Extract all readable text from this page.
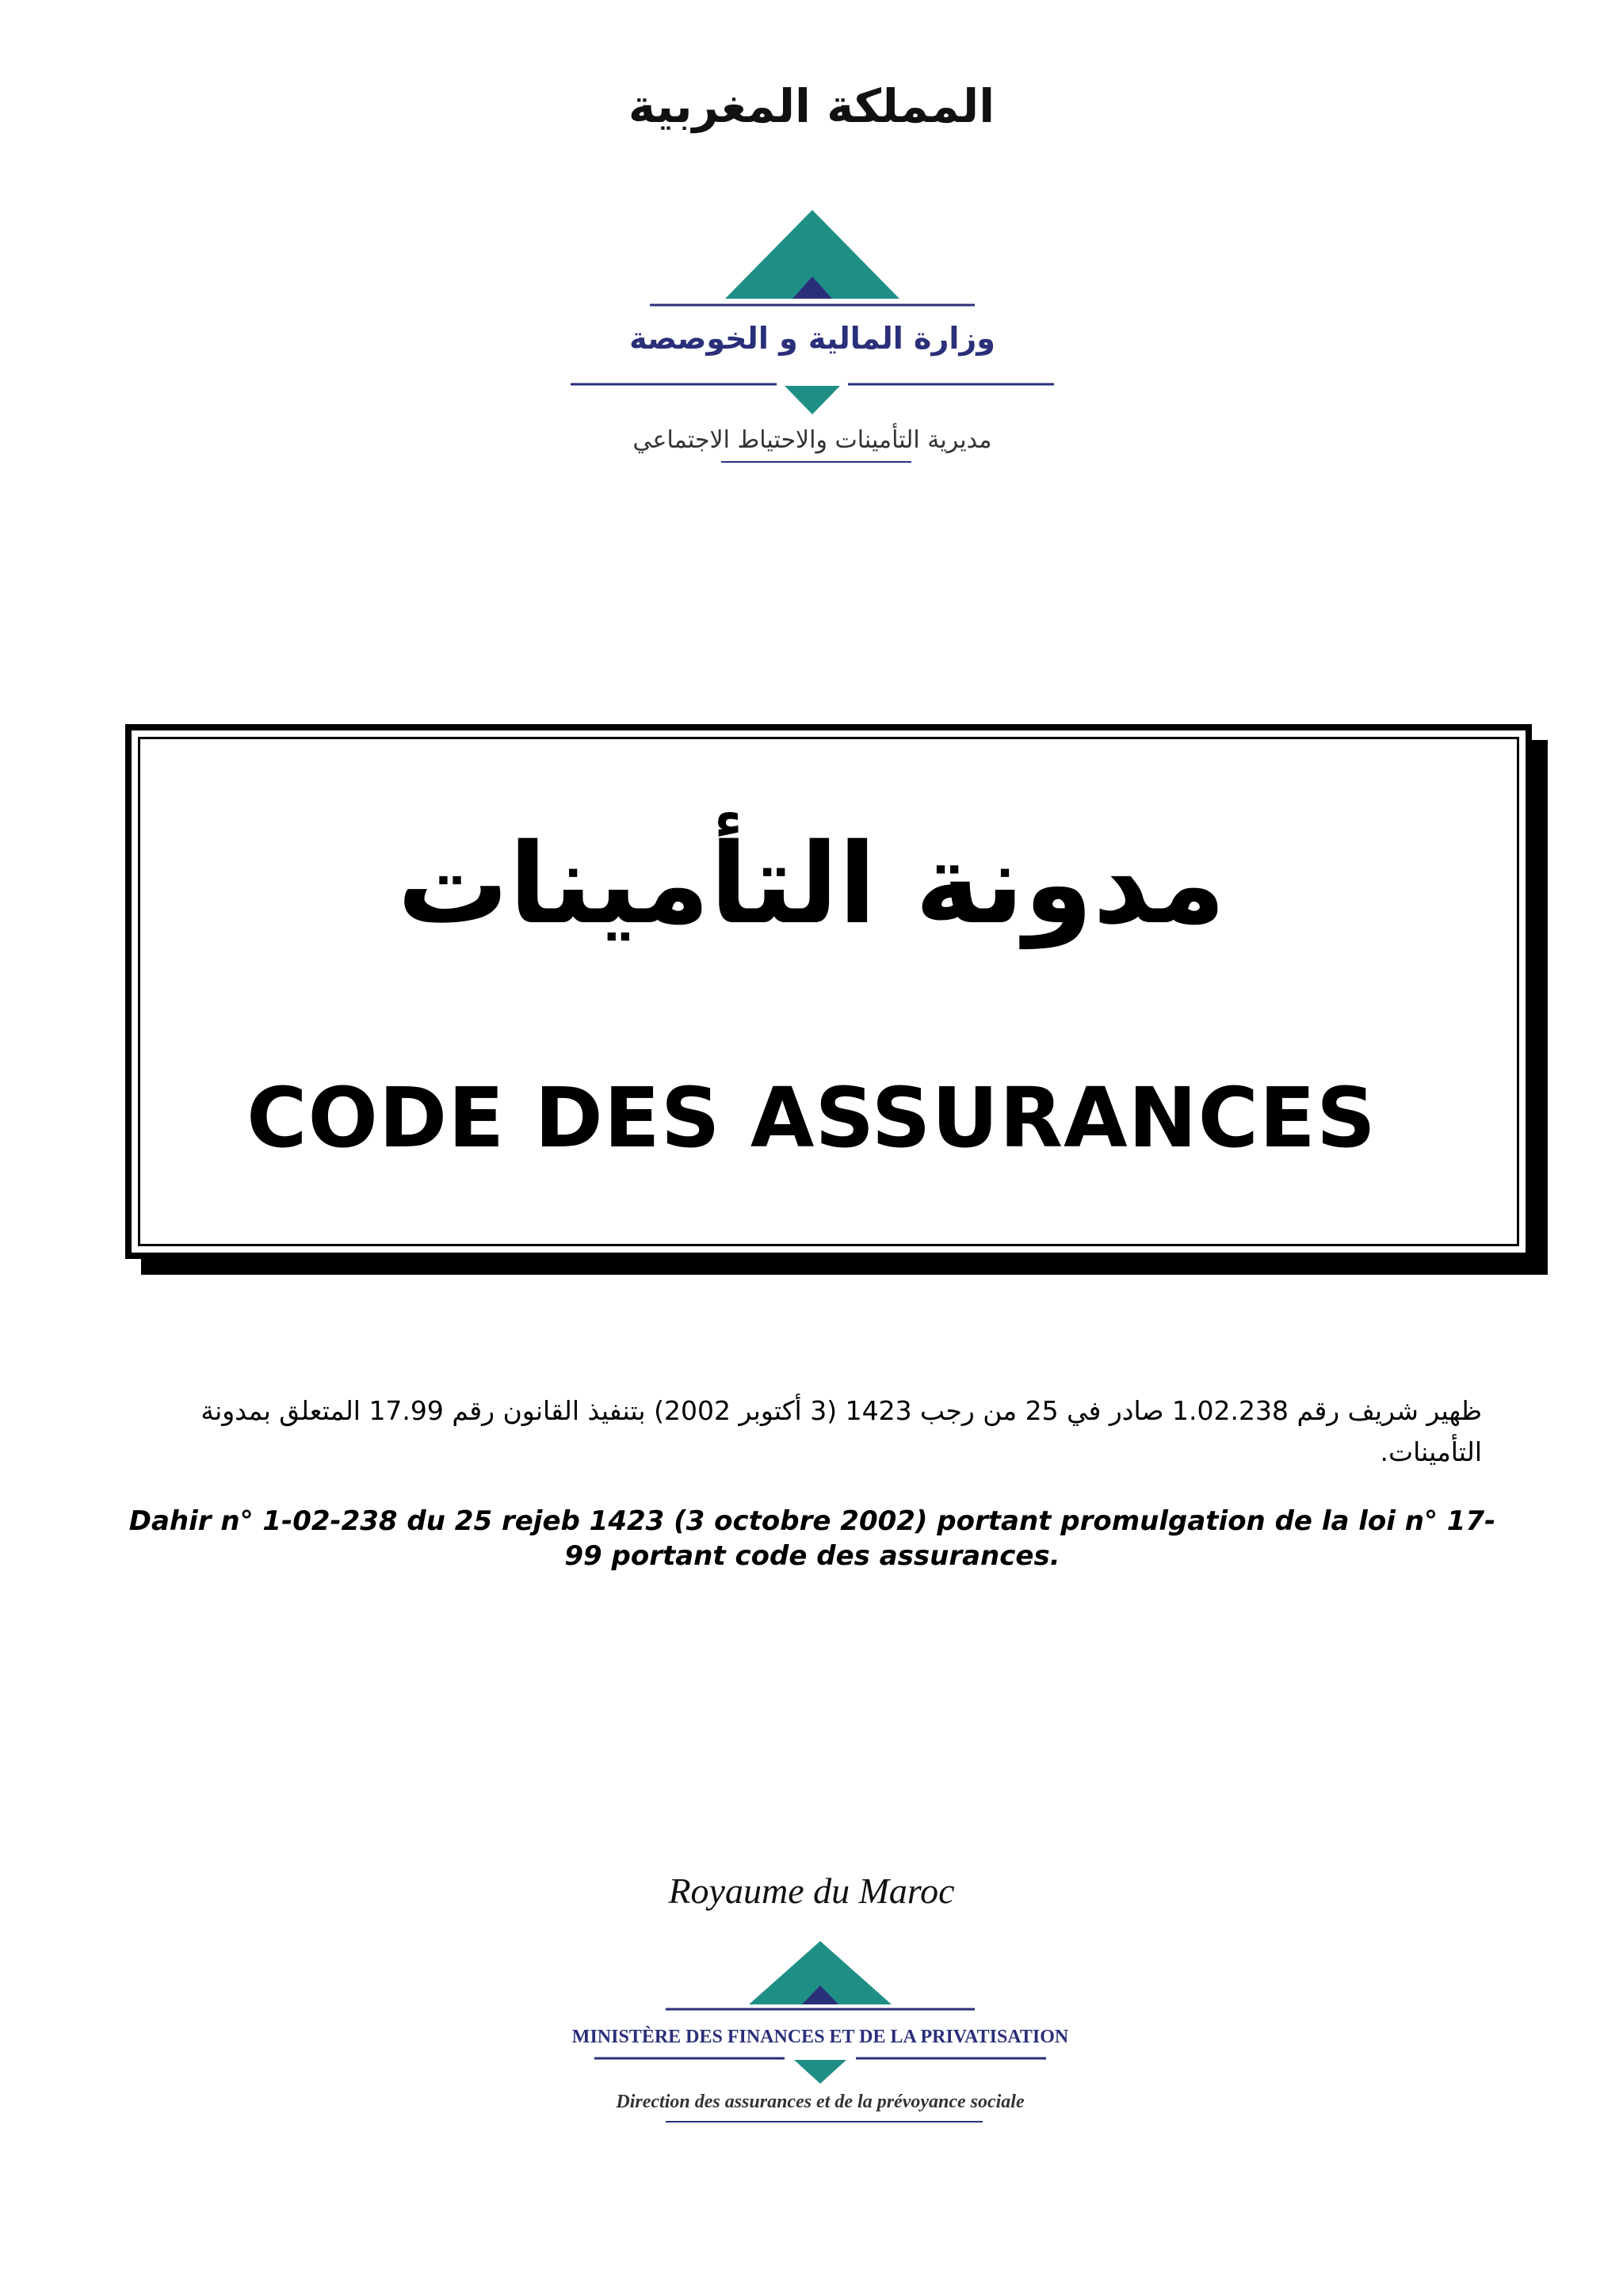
المملكة المغربية
وزارة المالية و الخوصصة
مديرية التأمينات والاحتياط الاجتماعي
مدونة التأمينات
CODE DES ASSURANCES
ظهير شريف رقم 1.02.238 صادر في 25 من رجب 1423 (3 أكتوبر 2002) بتنفيذ القانون رقم 17.99 المتعلق بمدونة التأمينات.
Dahir n° 1-02-238 du 25 rejeb 1423 (3 octobre 2002) portant promulgation de la loi n° 17-99 portant code des assurances.
Royaume du Maroc
MINISTÈRE DES FINANCES ET DE LA PRIVATISATION
Direction des assurances et de la prévoyance sociale
